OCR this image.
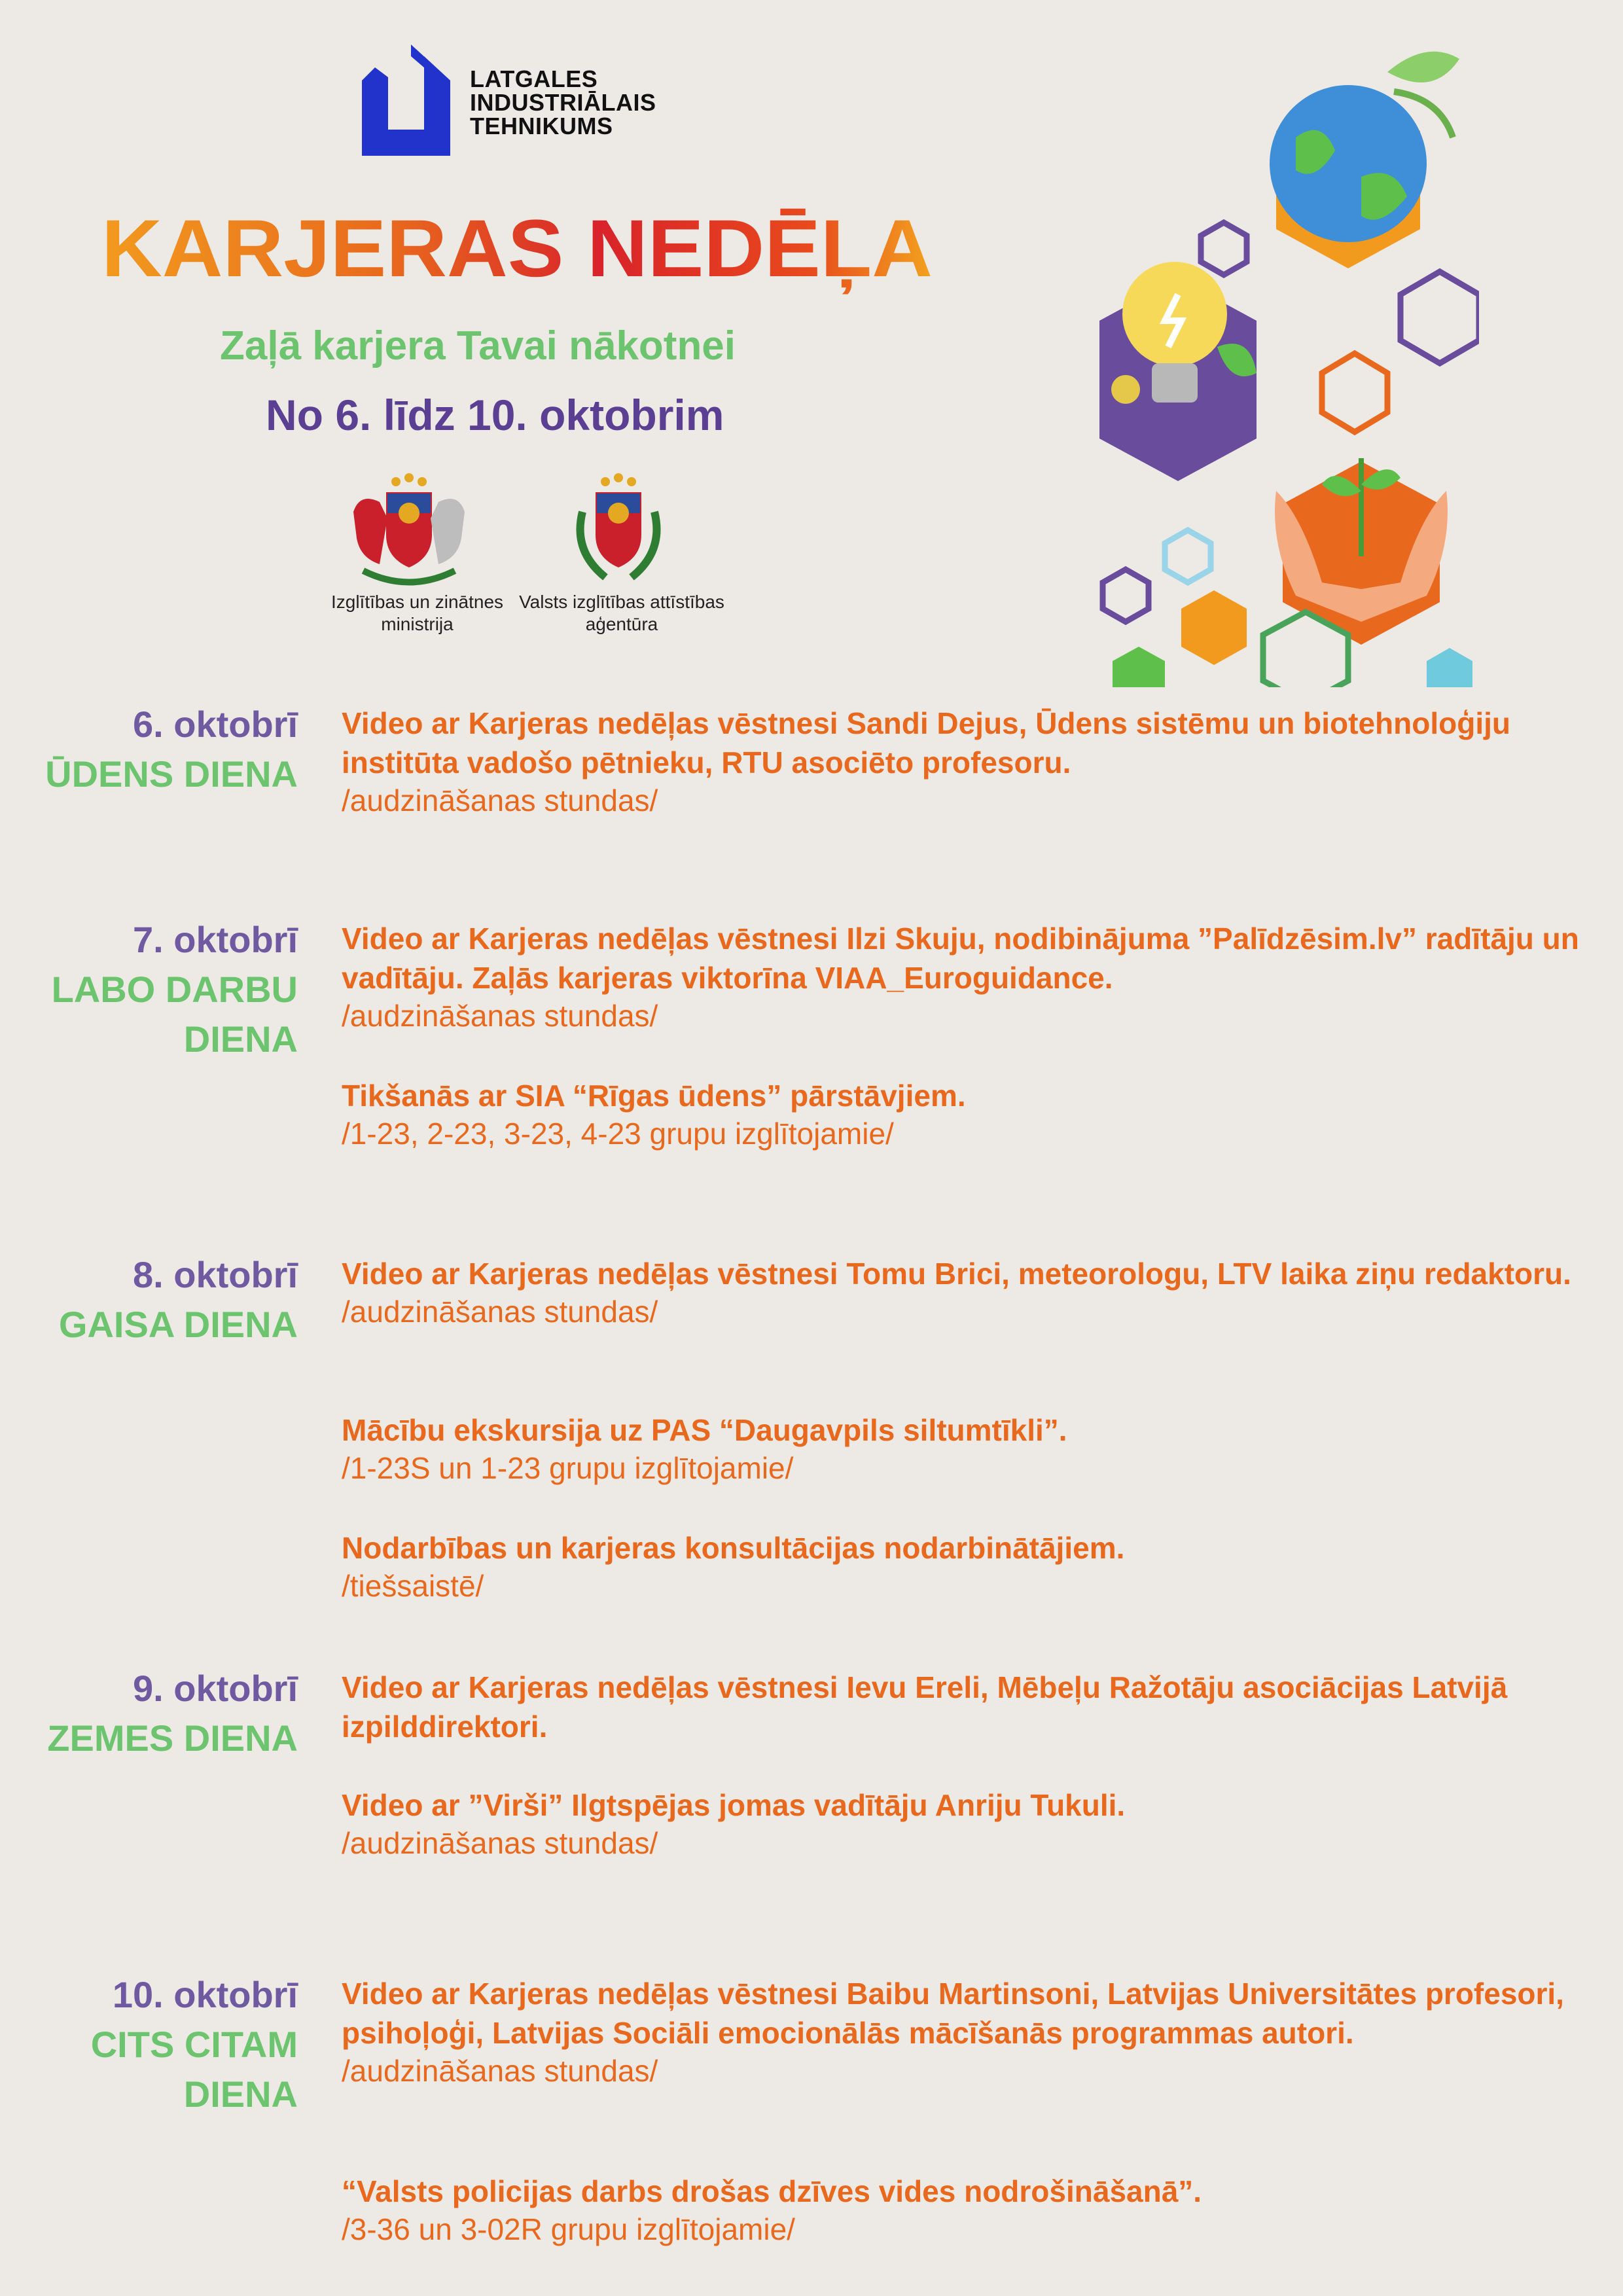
LATGALES
INDUSTRIĀLAIS
TEHNIKUMS
KARJERAS NEDĒĻA
Zaļā karjera Tavai nākotnei
No 6. līdz 10. oktobrim
Izglītības un zinātnes ministrija
Valsts izglītības attīstības aģentūra
6. oktobrī
ŪDENS DIENA
Video ar Karjeras nedēļas vēstnesi Sandi Dejus, Ūdens sistēmu un biotehnoloģiju institūta vadošo pētnieku, RTU asociēto profesoru.
/audzināšanas stundas/
7. oktobrī
LABO DARBU
DIENA
Video ar Karjeras nedēļas vēstnesi Ilzi Skuju, nodibinājuma ”Palīdzēsim.lv” radītāju un vadītāju. Zaļās karjeras viktorīna VIAA_Euroguidance.
/audzināšanas stundas/
Tikšanās ar SIA “Rīgas ūdens” pārstāvjiem.
/1-23, 2-23, 3-23, 4-23 grupu izglītojamie/
8. oktobrī
GAISA DIENA
Video ar Karjeras nedēļas vēstnesi Tomu Brici, meteorologu, LTV laika ziņu redaktoru.
/audzināšanas stundas/
Mācību ekskursija uz PAS “Daugavpils siltumtīkli”.
/1-23S un 1-23 grupu izglītojamie/
Nodarbības un karjeras konsultācijas nodarbinātājiem.
/tiešsaistē/
9. oktobrī
ZEMES DIENA
Video ar Karjeras nedēļas vēstnesi Ievu Ereli, Mēbeļu Ražotāju asociācijas Latvijā izpilddirektori.
Video ar ”Virši” Ilgtspējas jomas vadītāju Anriju Tukuli.
/audzināšanas stundas/
10. oktobrī
CITS CITAM
DIENA
Video ar Karjeras nedēļas vēstnesi Baibu Martinsoni, Latvijas Universitātes profesori, psihoļoģi, Latvijas Sociāli emocionālās mācīšanās programmas autori.
/audzināšanas stundas/
“Valsts policijas darbs drošas dzīves vides nodrošināšanā”.
/3-36 un 3-02R grupu izglītojamie/
